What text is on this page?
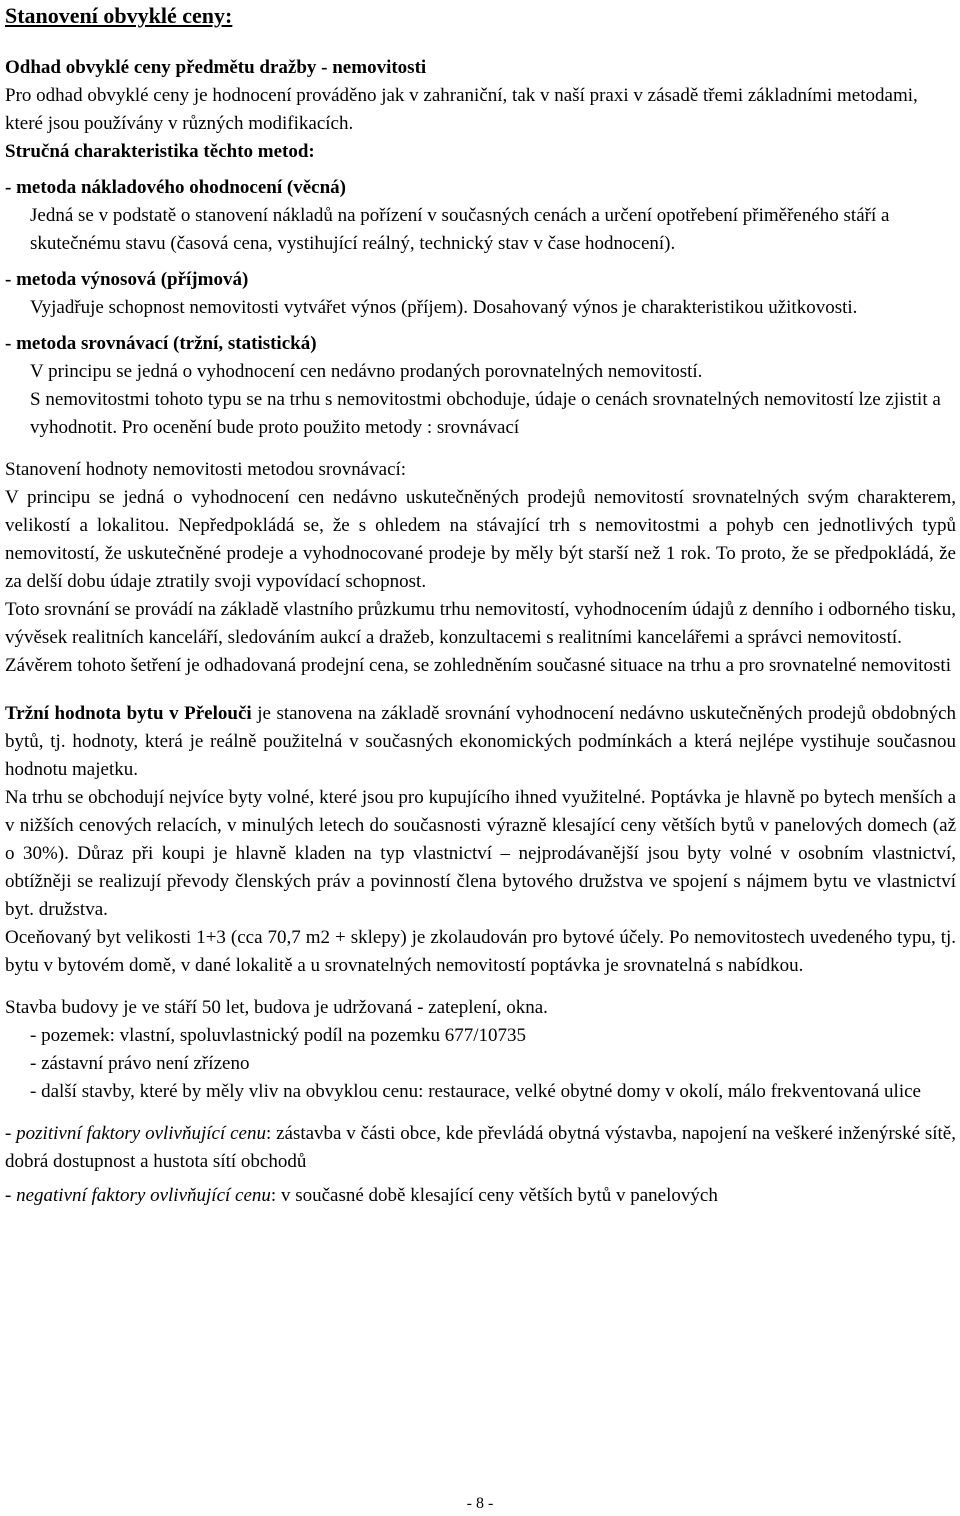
Stanovení obvyklé ceny:

Odhad obvyklé ceny předmětu dražby - nemovitosti

Pro odhad obvyklé ceny je hodnocení prováděno jak v zahraniční, tak v naší praxi v zásadě třemi základními metodami, které jsou používány v různých modifikacích.

Stručná charakteristika těchto metod:

- metoda nákladového ohodnocení (věcná)

Jedná se v podstatě o stanovení nákladů na pořízení v současných cenách a určení opotřebení přiměřeného stáří a skutečnému stavu (časová cena, vystihující reálný, technický stav v čase hodnocení).

- metoda výnosová (příjmová)

Vyjadřuje schopnost nemovitosti vytvářet výnos (příjem). Dosahovaný výnos je charakteristikou užitkovosti.

- metoda srovnávací (tržní, statistická)

V principu se jedná o vyhodnocení cen nedávno prodaných porovnatelných nemovitostí.

S nemovitostmi tohoto typu se na trhu s nemovitostmi obchoduje, údaje o cenách srovnatelných nemovitostí lze zjistit a vyhodnotit. Pro ocenění bude proto použito metody : srovnávací

Stanovení hodnoty nemovitosti metodou srovnávací:

V principu se jedná o vyhodnocení cen nedávno uskutečněných prodejů nemovitostí srovnatelných svým charakterem, velikostí a lokalitou. Nepředpokládá se, že s ohledem na stávající trh s nemovitostmi a pohyb cen jednotlivých typů nemovitostí, že uskutečněné prodeje a vyhodnocované prodeje by měly být starší než 1 rok. To proto, že se předpokládá, že za delší dobu údaje ztratily svoji vypovídací schopnost.

Toto srovnání se provádí na základě vlastního průzkumu trhu nemovitostí, vyhodnocením údajů z denního i odborného tisku, vývěsek realitních kanceláří, sledováním aukcí a dražeb, konzultacemi s realitními kancelářemi a správci nemovitostí.

Závěrem tohoto šetření je odhadovaná prodejní cena, se zohledněním současné situace na trhu a pro srovnatelné nemovitosti

Tržní hodnota bytu v Přelouči je stanovena na základě srovnání vyhodnocení nedávno uskutečněných prodejů obdobných bytů, tj. hodnoty, která je reálně použitelná v současných ekonomických podmínkách a která nejlépe vystihuje současnou hodnotu majetku.

Na trhu se obchodují nejvíce byty volné, které jsou pro kupujícího ihned využitelné. Poptávka je hlavně po bytech menších a v nižších cenových relacích, v minulých letech do současnosti výrazně klesající ceny větších bytů v panelových domech (až o 30%). Důraz při koupi je hlavně kladen na typ vlastnictví – nejprodávanější jsou byty volné v osobním vlastnictví, obtížněji se realizují převody členských práv a povinností člena bytového družstva ve spojení s nájmem bytu ve vlastnictví byt. družstva.

Oceňovaný byt velikosti 1+3 (cca 70,7 m2 + sklepy) je zkolaudován pro bytové účely. Po nemovitostech uvedeného typu, tj. bytu v bytovém domě, v dané lokalitě a u srovnatelných nemovitostí poptávka je srovnatelná s nabídkou.

Stavba budovy je ve stáří 50 let, budova je udržovaná - zateplení, okna.

- pozemek: vlastní, spoluvlastnický podíl na pozemku 677/10735

- zástavní právo není zřízeno

- další stavby, které by měly vliv na obvyklou cenu: restaurace, velké obytné domy v okolí, málo frekventovaná ulice

- pozitivní faktory ovlivňující cenu: zástavba v části obce, kde převládá obytná výstavba, napojení na veškeré inženýrské sítě, dobrá dostupnost a hustota sítí obchodů

- negativní faktory ovlivňující cenu: v současné době klesající ceny větších bytů v panelových

- 8 -
